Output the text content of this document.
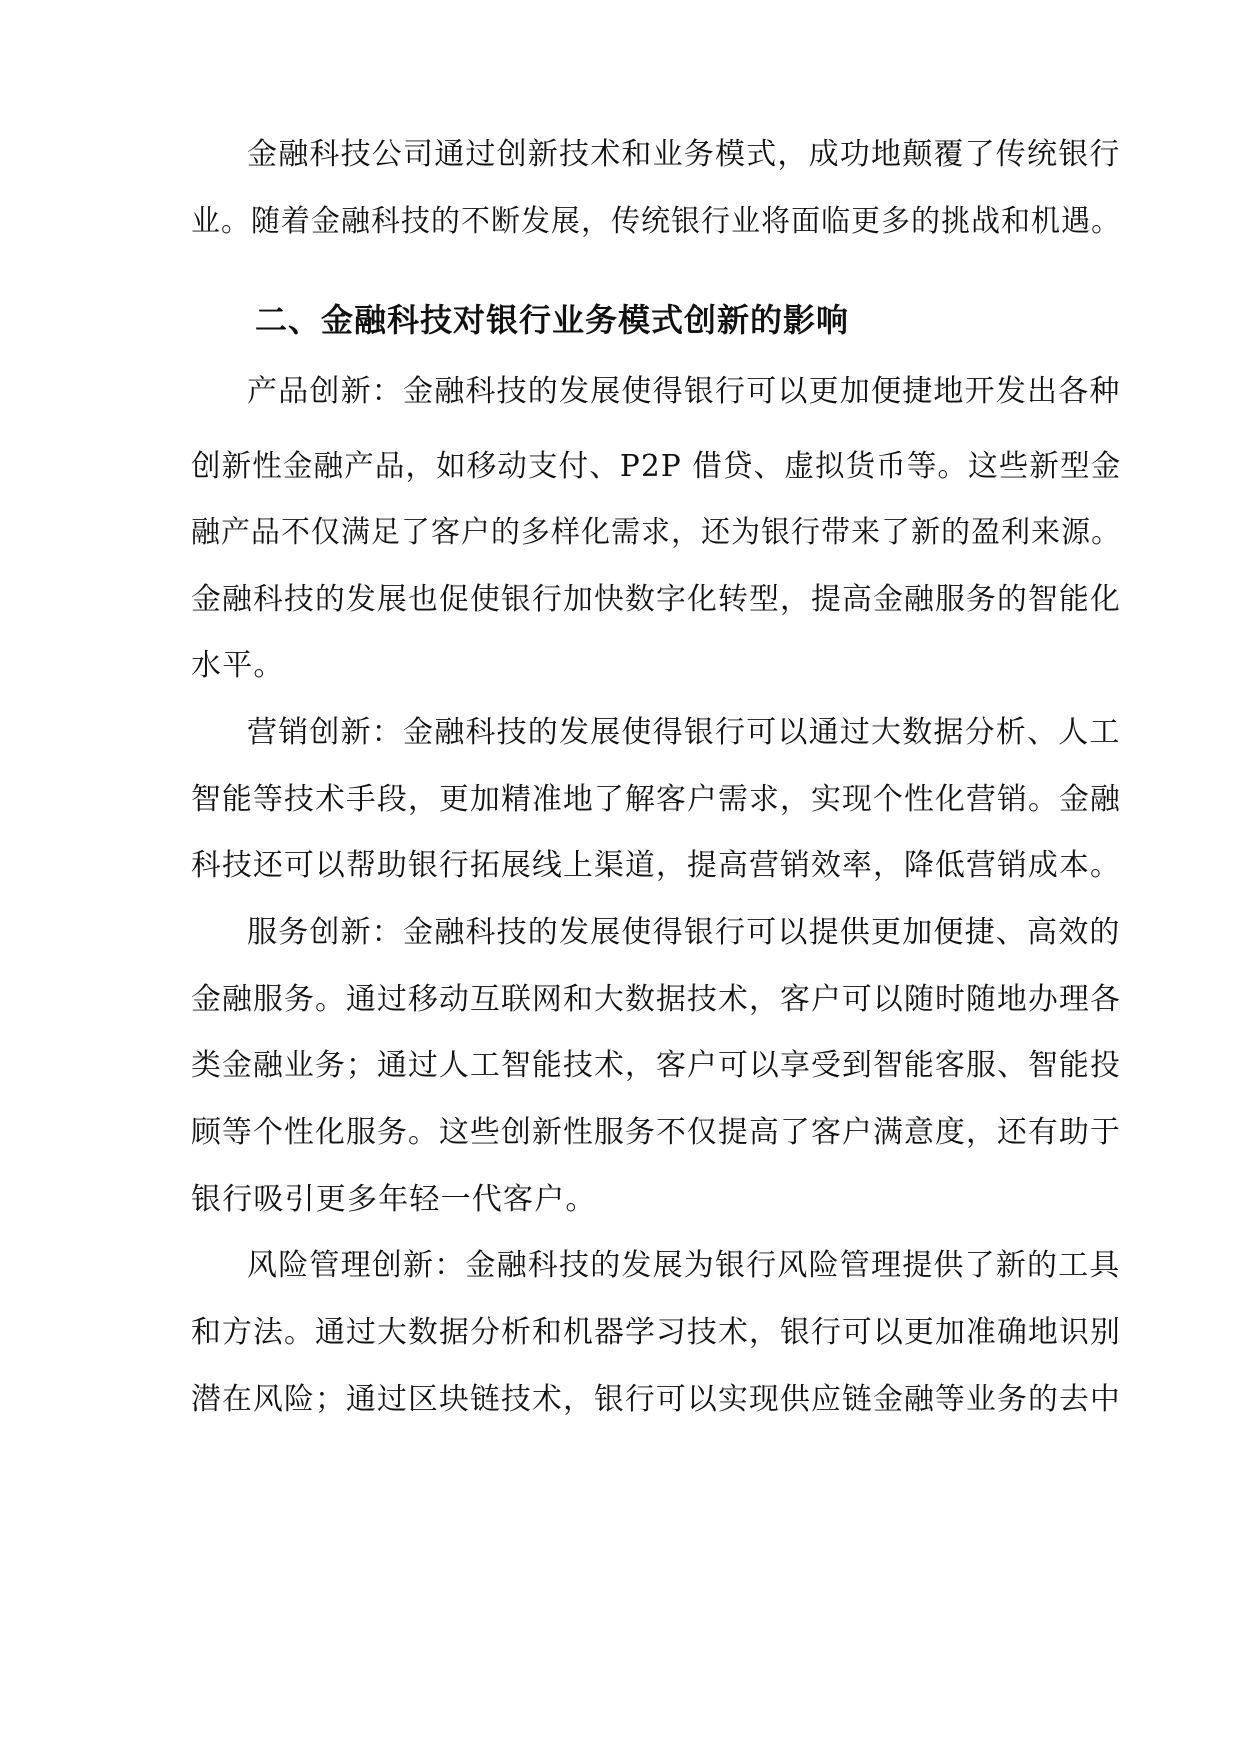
金融科技公司通过创新技术和业务模式，成功地颠覆了传统银行
业。随着金融科技的不断发展，传统银行业将面临更多的挑战和机遇。
二、金融科技对银行业务模式创新的影响
产品创新：金融科技的发展使得银行可以更加便捷地开发出各种
创新性金融产品，如移动支付、P2P 借贷、虚拟货币等。这些新型金
融产品不仅满足了客户的多样化需求，还为银行带来了新的盈利来源。
金融科技的发展也促使银行加快数字化转型，提高金融服务的智能化
水平。
营销创新：金融科技的发展使得银行可以通过大数据分析、人工
智能等技术手段，更加精准地了解客户需求，实现个性化营销。金融
科技还可以帮助银行拓展线上渠道，提高营销效率，降低营销成本。
服务创新：金融科技的发展使得银行可以提供更加便捷、高效的
金融服务。通过移动互联网和大数据技术，客户可以随时随地办理各
类金融业务；通过人工智能技术，客户可以享受到智能客服、智能投
顾等个性化服务。这些创新性服务不仅提高了客户满意度，还有助于
银行吸引更多年轻一代客户。
风险管理创新：金融科技的发展为银行风险管理提供了新的工具
和方法。通过大数据分析和机器学习技术，银行可以更加准确地识别
潜在风险；通过区块链技术，银行可以实现供应链金融等业务的去中
